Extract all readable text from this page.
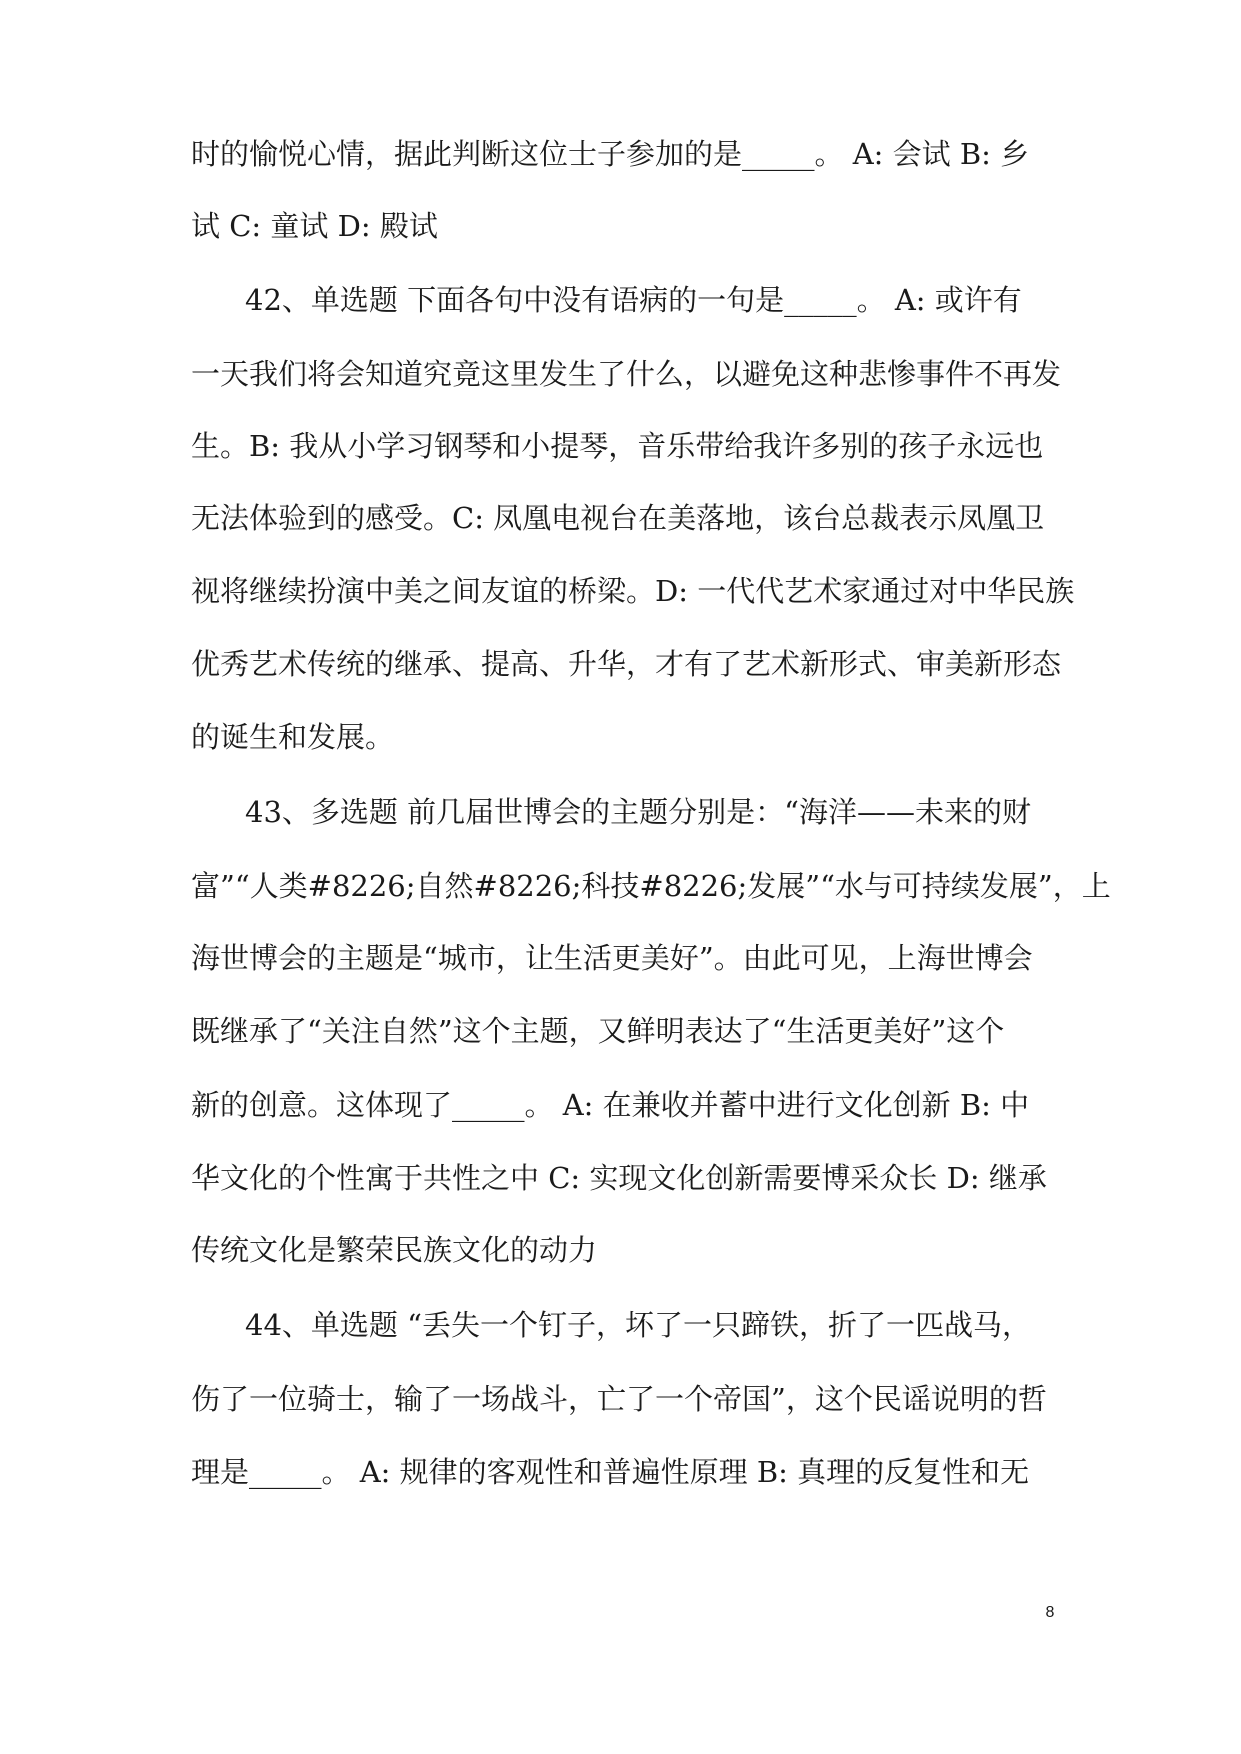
时的愉悦心情，据此判断这位士子参加的是_____。 A: 会试 B: 乡
试 C: 童试 D: 殿试
42、单选题 下面各句中没有语病的一句是_____。 A: 或许有
一天我们将会知道究竟这里发生了什么，以避免这种悲惨事件不再发
生。B: 我从小学习钢琴和小提琴，音乐带给我许多别的孩子永远也
无法体验到的感受。C: 凤凰电视台在美落地，该台总裁表示凤凰卫
视将继续扮演中美之间友谊的桥梁。D: 一代代艺术家通过对中华民族
优秀艺术传统的继承、提高、升华，才有了艺术新形式、审美新形态
的诞生和发展。
43、多选题 前几届世博会的主题分别是：“海洋——未来的财
富”“人类#8226;自然#8226;科技#8226;发展”“水与可持续发展”，上
海世博会的主题是“城市，让生活更美好”。由此可见，上海世博会
既继承了“关注自然”这个主题，又鲜明表达了“生活更美好”这个
新的创意。这体现了_____。 A: 在兼收并蓄中进行文化创新 B: 中
华文化的个性寓于共性之中 C: 实现文化创新需要博采众长 D: 继承
传统文化是繁荣民族文化的动力
44、单选题 “丢失一个钉子，坏了一只蹄铁，折了一匹战马，
伤了一位骑士，输了一场战斗，亡了一个帝国”，这个民谣说明的哲
理是_____。 A: 规律的客观性和普遍性原理 B: 真理的反复性和无
8
